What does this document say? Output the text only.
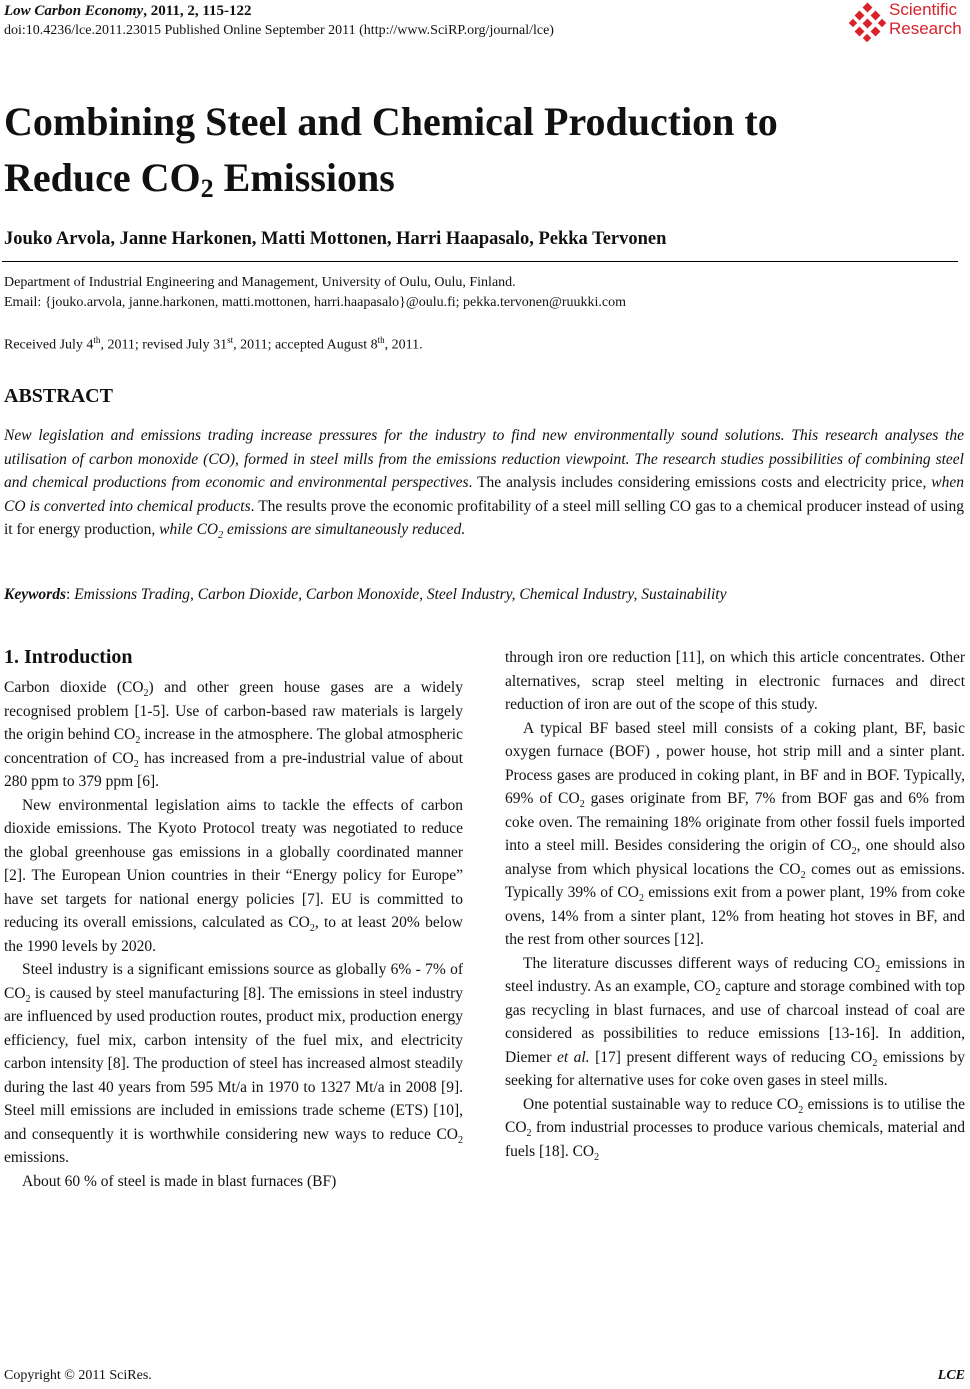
Low Carbon Economy, 2011, 2, 115-122
doi:10.4236/lce.2011.23015 Published Online September 2011 (http://www.SciRP.org/journal/lce)
Scientific
Research
Combining Steel and Chemical Production to
Reduce $CO_2$ Emissions
Jouko Arvola, Janne Harkonen, Matti Mottonen, Harri Haapasalo, Pekka Tervonen
Department of Industrial Engineering and Management, University of Oulu, Oulu, Finland.
Email: {jouko.arvola, janne.harkonen, matti.mottonen, harri.haapasalo}@oulu.fi; pekka.tervonen@ruukki.com
Received July 4th, 2011; revised July 31st, 2011; accepted August 8th, 2011.
ABSTRACT
New legislation and emissions trading increase pressures for the industry to find new environmentally sound solutions. This research analyses the utilisation of carbon monoxide (CO), formed in steel mills from the emissions reduction viewpoint. The research studies possibilities of combining steel and chemical productions from economic and environmental perspectives. The analysis includes considering emissions costs and electricity price, when CO is converted into chemical products. The results prove the economic profitability of a steel mill selling CO gas to a chemical producer instead of using it for energy production, while $CO_2$ emissions are simultaneously reduced.
Keywords: Emissions Trading, Carbon Dioxide, Carbon Monoxide, Steel Industry, Chemical Industry, Sustainability
1. Introduction

Carbon dioxide $(CO_2)$ and other green house gases are a widely recognised problem [1-5]. Use of carbon-based raw materials is largely the origin behind $CO_2$ increase in the atmosphere. The global atmospheric concentration of $CO_2$ has increased from a pre-industrial value of about 280 ppm to 379 ppm [6].

New environmental legislation aims to tackle the effects of carbon dioxide emissions. The Kyoto Protocol treaty was negotiated to reduce the global greenhouse gas emissions in a globally coordinated manner [2]. The European Union countries in their “Energy policy for Europe” have set targets for national energy policies [7]. EU is committed to reducing its overall emissions, calculated as $CO_2$, to at least 20% below the 1990 levels by 2020.

Steel industry is a significant emissions source as globally 6% - 7% of $CO_2$ is caused by steel manufacturing [8]. The emissions in steel industry are influenced by used production routes, product mix, production energy efficiency, fuel mix, carbon intensity of the fuel mix, and electricity carbon intensity [8]. The production of steel has increased almost steadily during the last 40 years from 595 Mt/a in 1970 to 1327 Mt/a in 2008 [9]. Steel mill emissions are included in emissions trade scheme (ETS) [10], and consequently it is worthwhile considering new ways to reduce $CO_2$ emissions.

About 60 % of steel is made in blast furnaces (BF)

through iron ore reduction [11], on which this article concentrates. Other alternatives, scrap steel melting in electronic furnaces and direct reduction of iron are out of the scope of this study.

A typical BF based steel mill consists of a coking plant, BF, basic oxygen furnace (BOF) , power house, hot strip mill and a sinter plant. Process gases are produced in coking plant, in BF and in BOF. Typically, 69% of $CO_2$ gases originate from BF, 7% from BOF gas and 6% from coke oven. The remaining 18% originate from other fossil fuels imported into a steel mill. Besides considering the origin of $CO_2$, one should also analyse from which physical locations the $CO_2$ comes out as emissions. Typically 39% of $CO_2$ emissions exit from a power plant, 19% from coke ovens, 14% from a sinter plant, 12% from heating hot stoves in BF, and the rest from other sources [12].

The literature discusses different ways of reducing $CO_2$ emissions in steel industry. As an example, $CO_2$ capture and storage combined with top gas recycling in blast furnaces, and use of charcoal instead of coal are considered as possibilities to reduce emissions [13-16]. In addition, Diemer et al. [17] present different ways of reducing $CO_2$ emissions by seeking for alternative uses for coke oven gases in steel mills.

One potential sustainable way to reduce $CO_2$ emissions is to utilise the $CO_2$ from industrial processes to produce various chemicals, material and fuels [18]. $CO_2$

Copyright © 2011 SciRes.	LCE
